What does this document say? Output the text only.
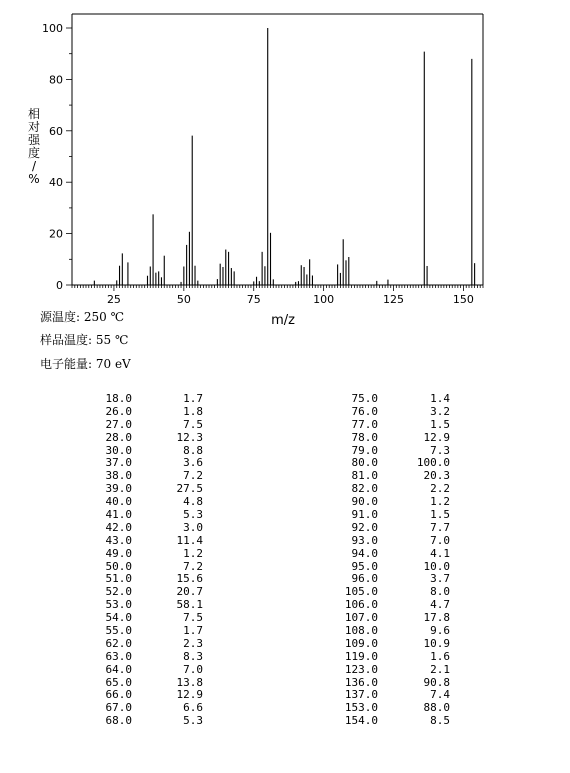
25	50	75	100	125	150
0
20
40
60
80
100
m/z
相对强度/ %
源温度: 250 ℃
样品温度: 55 ℃
电子能量: 70 eV
18.0	1.7
26.0	1.8
27.0	7.5
28.0	12.3
30.0	8.8
37.0	3.6
38.0	7.2
39.0	27.5
40.0	4.8
41.0	5.3
42.0	3.0
43.0	11.4
49.0	1.2
50.0	7.2
51.0	15.6
52.0	20.7
53.0	58.1
54.0	7.5
55.0	1.7
62.0	2.3
63.0	8.3
64.0	7.0
65.0	13.8
66.0	12.9
67.0	6.6
68.0	5.3
75.0	1.4
76.0	3.2
77.0	1.5
78.0	12.9
79.0	7.3
80.0	100.0
81.0	20.3
82.0	2.2
90.0	1.2
91.0	1.5
92.0	7.7
93.0	7.0
94.0	4.1
95.0	10.0
96.0	3.7
105.0	8.0
106.0	4.7
107.0	17.8
108.0	9.6
109.0	10.9
119.0	1.6
123.0	2.1
136.0	90.8
137.0	7.4
153.0	88.0
154.0	8.5
